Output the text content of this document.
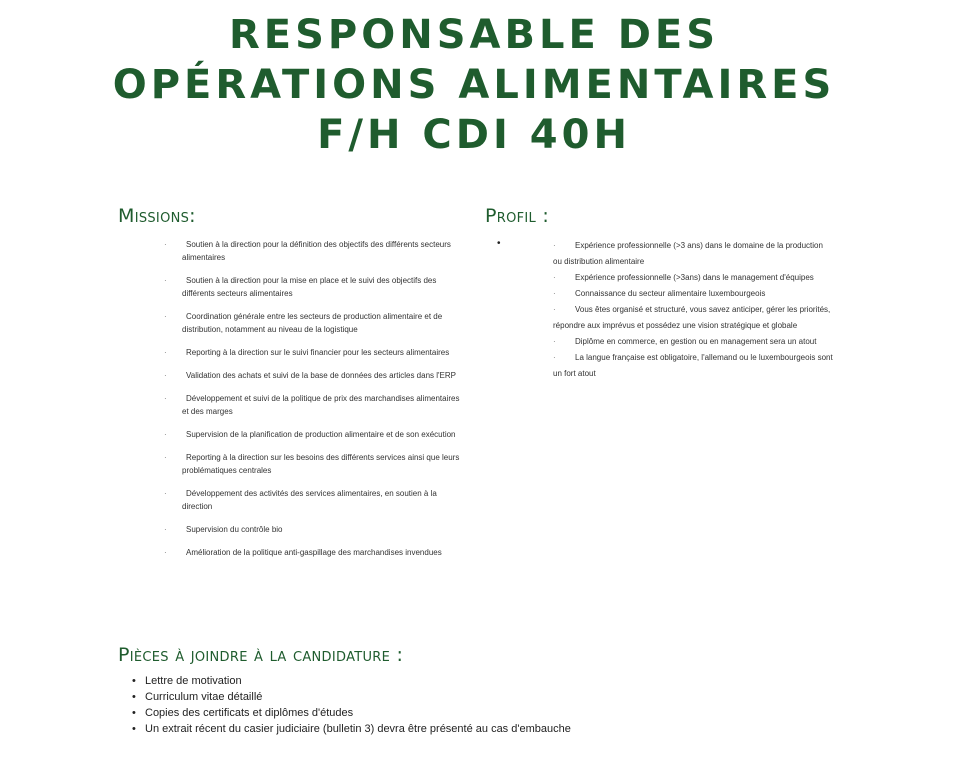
RESPONSABLE DES
OPÉRATIONS ALIMENTAIRES
F/H CDI 40H
Missions:
· Soutien à la direction pour la définition des objectifs des différents secteurs alimentaires
· Soutien à la direction pour la mise en place et le suivi des objectifs des différents secteurs alimentaires
· Coordination générale entre les secteurs de production alimentaire et de distribution, notamment au niveau de la logistique
· Reporting à la direction sur le suivi financier pour les secteurs alimentaires
· Validation des achats et suivi de la base de données des articles dans l'ERP
· Développement et suivi de la politique de prix des marchandises alimentaires et des marges
· Supervision de la planification de production alimentaire et de son exécution
· Reporting à la direction sur les besoins des différents services ainsi que leurs problématiques centrales
· Développement des activités des services alimentaires, en soutien à la direction
· Supervision du contrôle bio
· Amélioration de la politique anti-gaspillage des marchandises invendues
Profil :
•	· Expérience professionnelle (>3 ans) dans le domaine de la production ou distribution alimentaire
· Expérience professionnelle (>3ans) dans le management d'équipes
· Connaissance du secteur alimentaire luxembourgeois
· Vous êtes organisé et structuré, vous savez anticiper, gérer les priorités, répondre aux imprévus et possédez une vision stratégique et globale
· Diplôme en commerce, en gestion ou en management sera un atout
· La langue française est obligatoire, l'allemand ou le luxembourgeois sont un fort atout
Pièces à joindre à la candidature :
• Lettre de motivation
• Curriculum vitae détaillé
• Copies des certificats et diplômes d'études
• Un extrait récent du casier judiciaire (bulletin 3) devra être présenté au cas d'embauche
